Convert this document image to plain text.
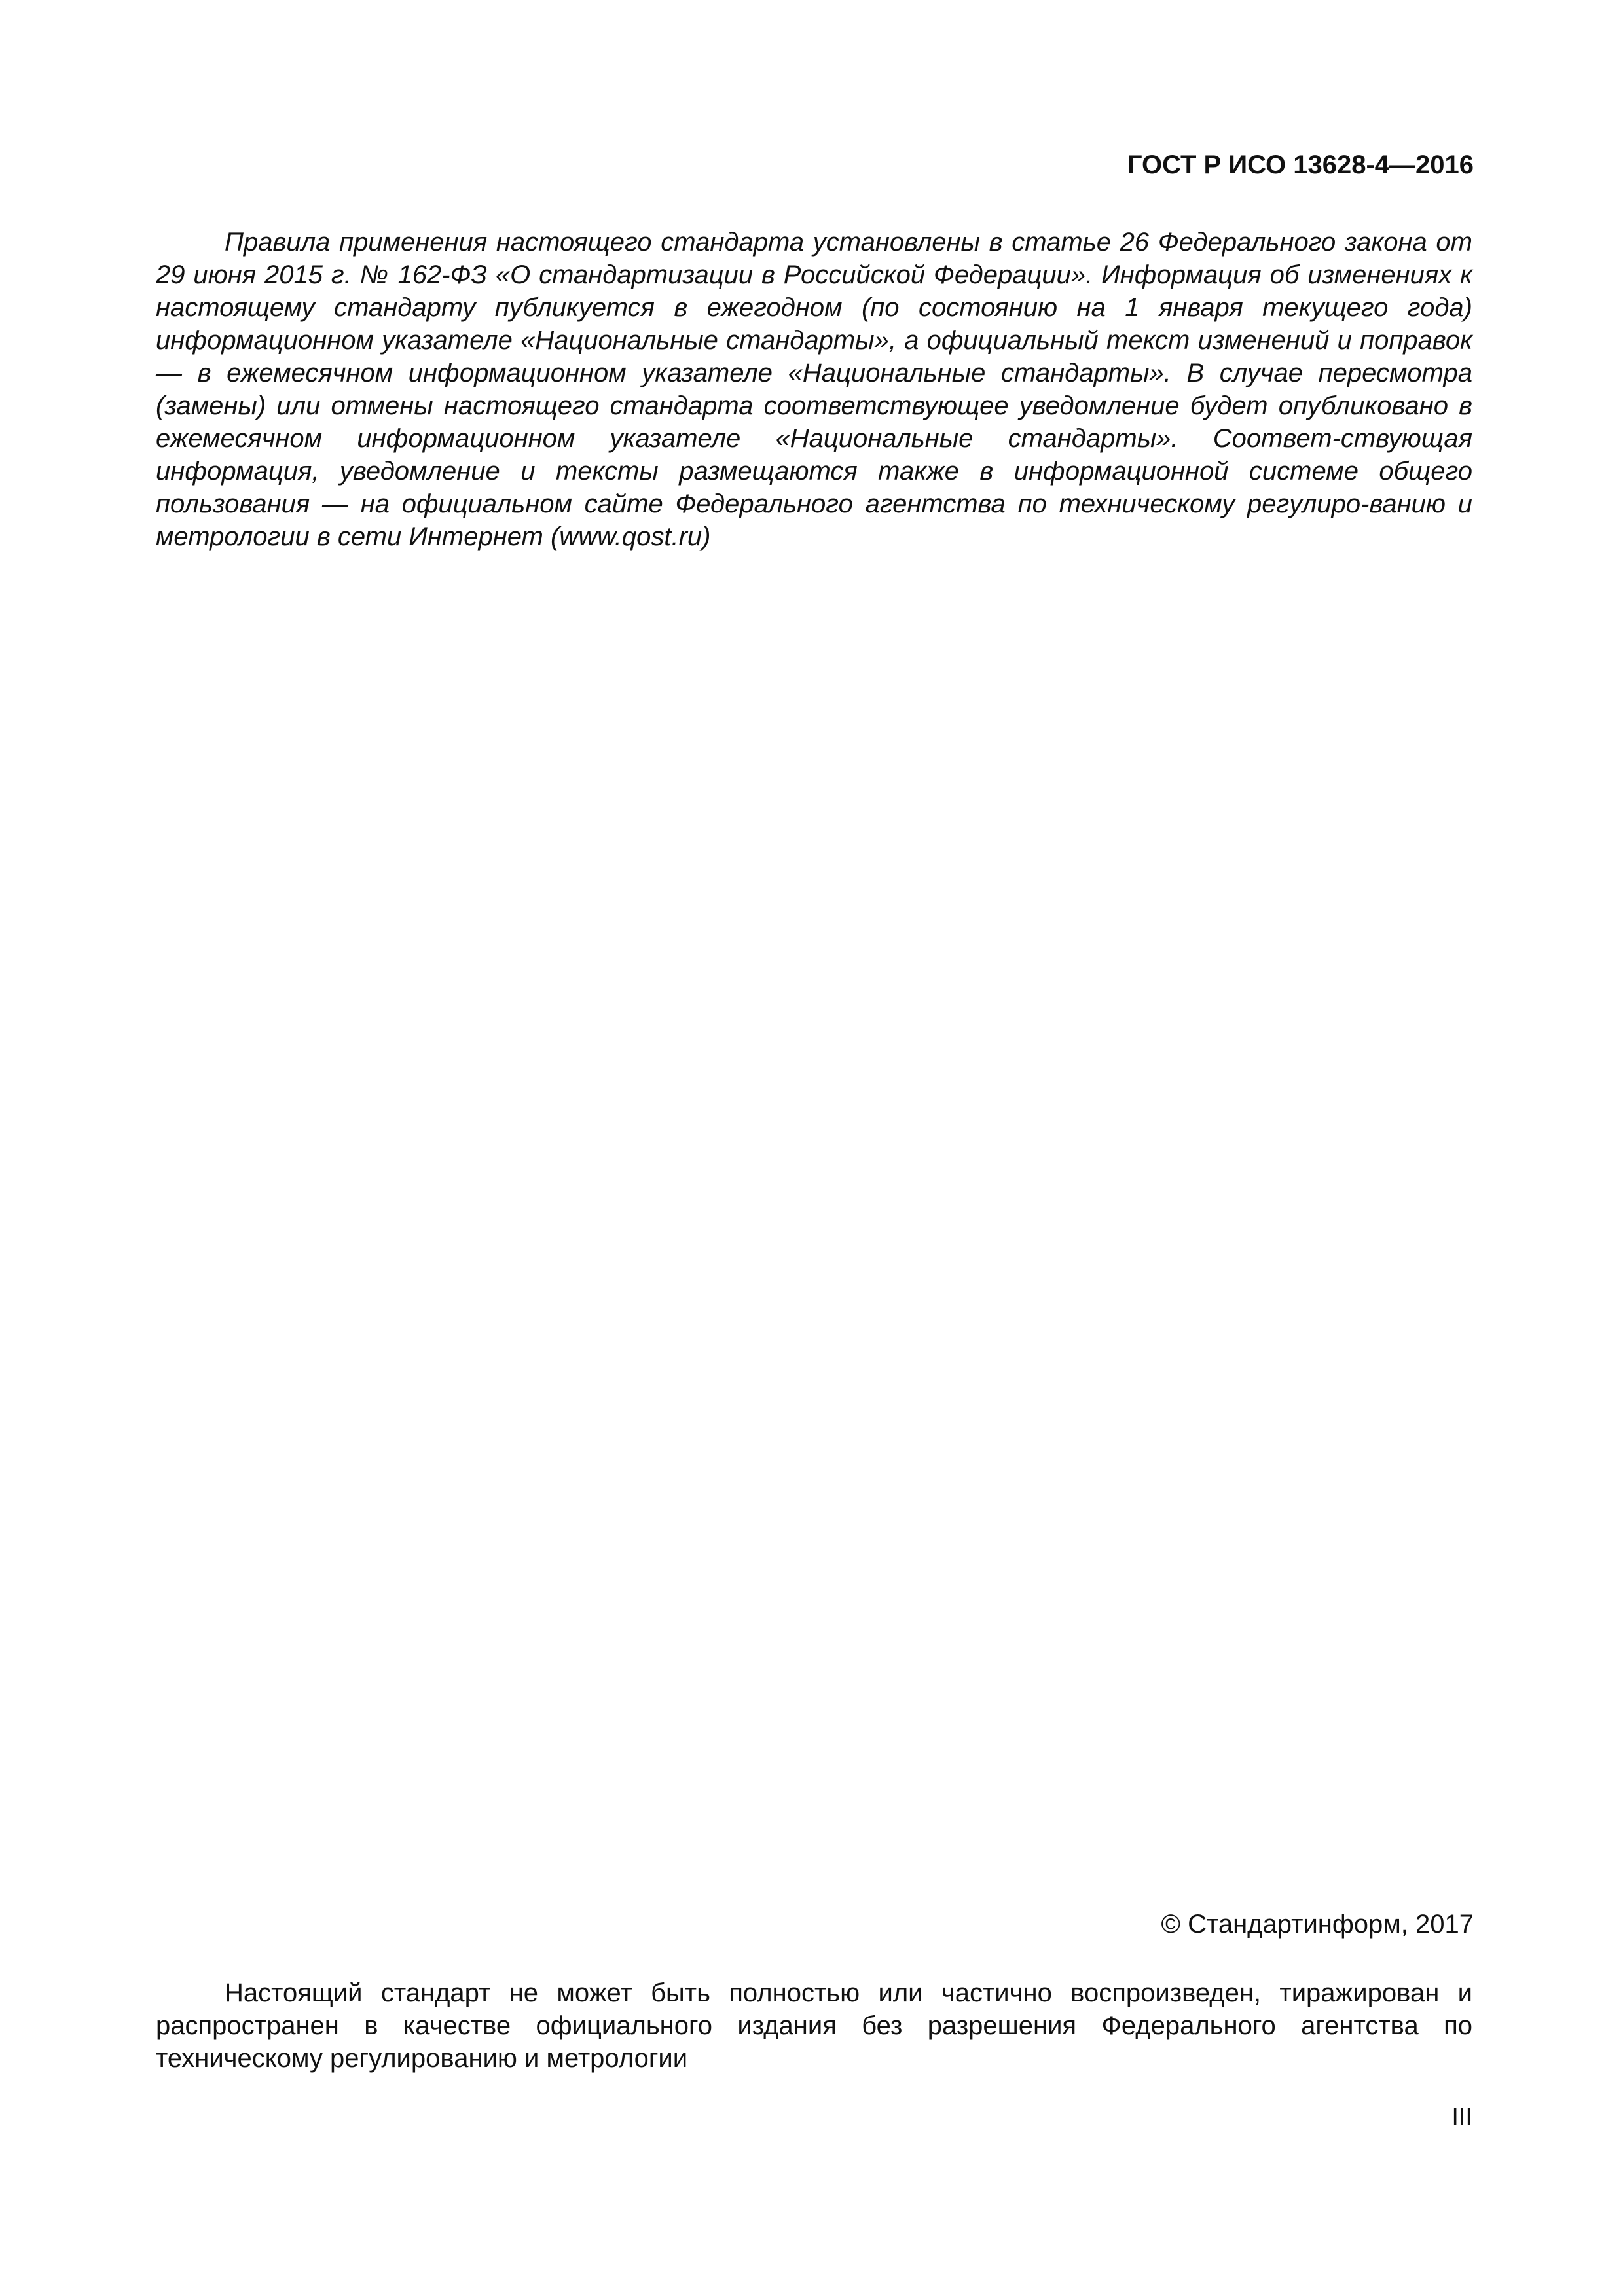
ГОСТ Р ИСО 13628-4—2016

Правила применения настоящего стандарта установлены в статье 26 Федерального закона от 29 июня 2015 г. № 162-ФЗ «О стандартизации в Российской Федерации». Информация об изменениях к настоящему стандарту публикуется в ежегодном (по состоянию на 1 января текущего года) информационном указателе «Национальные стандарты», а официальный текст изменений и поправок — в ежемесячном информационном указателе «Национальные стандарты». В случае пересмотра (замены) или отмены настоящего стандарта соответствующее уведомление будет опубликовано в ежемесячном информационном указателе «Национальные стандарты». Соответ-ствующая информация, уведомление и тексты размещаются также в информационной системе общего пользования — на официальном сайте Федерального агентства по техническому регулиро-ванию и метрологии в сети Интернет (www.qost.ru)

© Стандартинформ, 2017

Настоящий стандарт не может быть полностью или частично воспроизведен, тиражирован и распространен в качестве официального издания без разрешения Федерального агентства по техническому регулированию и метрологии

III
